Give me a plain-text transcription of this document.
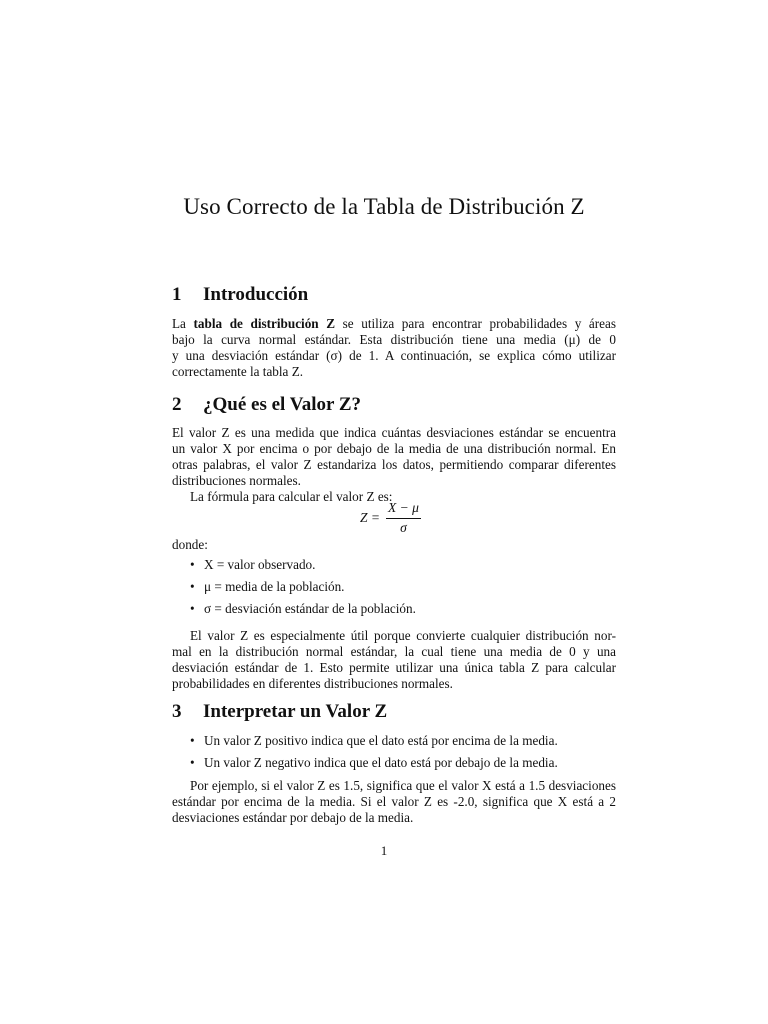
Uso Correcto de la Tabla de Distribución Z
1 Introducción
La tabla de distribución Z se utiliza para encontrar probabilidades y áreas
bajo la curva normal estándar. Esta distribución tiene una media (μ) de 0
y una desviación estándar (σ) de 1. A continuación, se explica cómo utilizar
correctamente la tabla Z.
2 ¿Qué es el Valor Z?
El valor Z es una medida que indica cuántas desviaciones estándar se encuentra
un valor X por encima o por debajo de la media de una distribución normal. En
otras palabras, el valor Z estandariza los datos, permitiendo comparar diferentes
distribuciones normales.
La fórmula para calcular el valor Z es:
$Z = \frac{X - \mu}{\sigma}$
donde:
• X = valor observado.
• μ = media de la población.
• σ = desviación estándar de la población.
El valor Z es especialmente útil porque convierte cualquier distribución nor-
mal en la distribución normal estándar, la cual tiene una media de 0 y una
desviación estándar de 1. Esto permite utilizar una única tabla Z para calcular
probabilidades en diferentes distribuciones normales.
3 Interpretar un Valor Z
• Un valor Z positivo indica que el dato está por encima de la media.
• Un valor Z negativo indica que el dato está por debajo de la media.
Por ejemplo, si el valor Z es 1.5, significa que el valor X está a 1.5 desviaciones
estándar por encima de la media. Si el valor Z es -2.0, significa que X está a 2
desviaciones estándar por debajo de la media.
1
